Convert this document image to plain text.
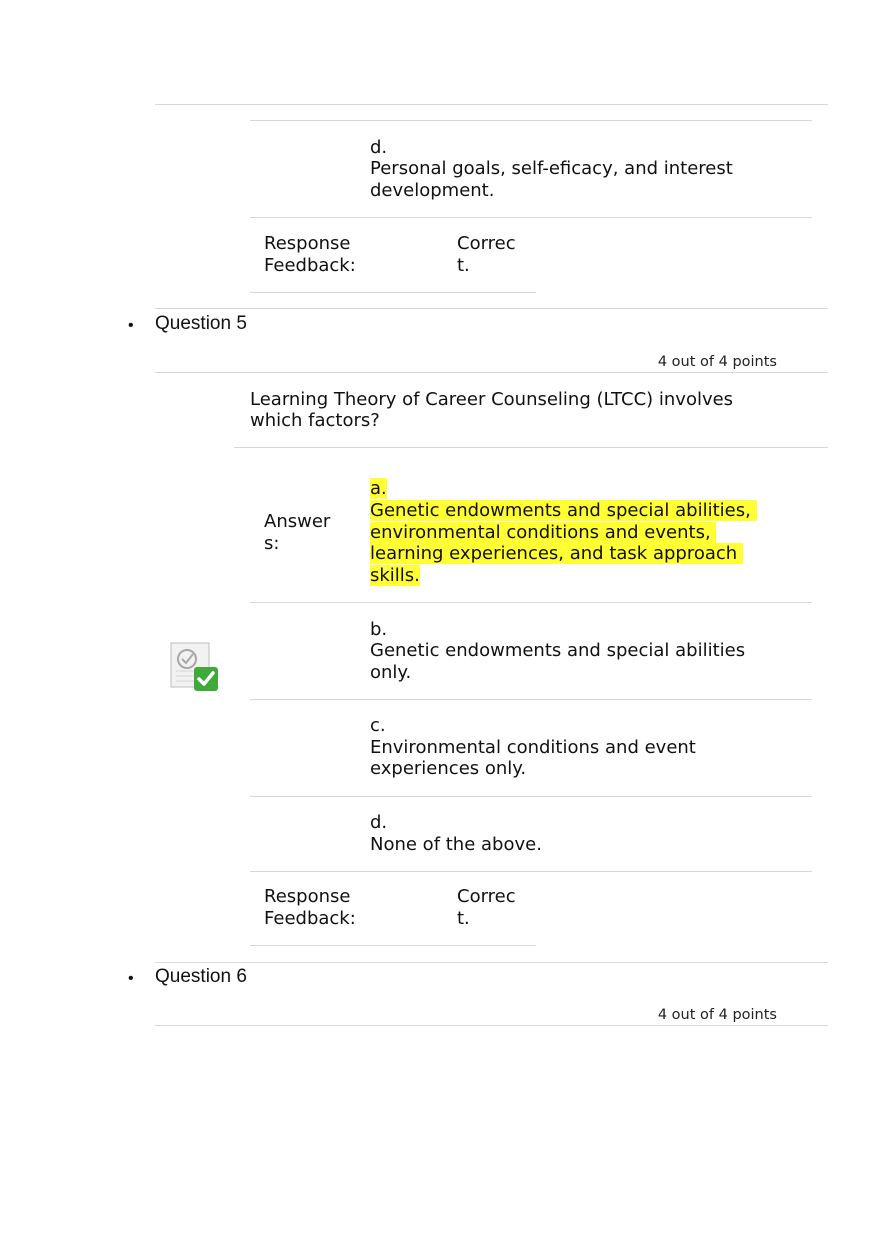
d.
Personal goals, self-eﬁcacy, and interest
development.
Response
Feedback:
Correc
t.
• Question 5
4 out of 4 points
Learning Theory of Career Counseling (LTCC) involves
which factors?
Answer
s:
a.
Genetic endowments and special abilities,
environmental conditions and events,
learning experiences, and task approach
skills.
b.
Genetic endowments and special abilities
only.
c.
Environmental conditions and event
experiences only.
d.
None of the above.
Response
Feedback:
Correc
t.
• Question 6
4 out of 4 points
